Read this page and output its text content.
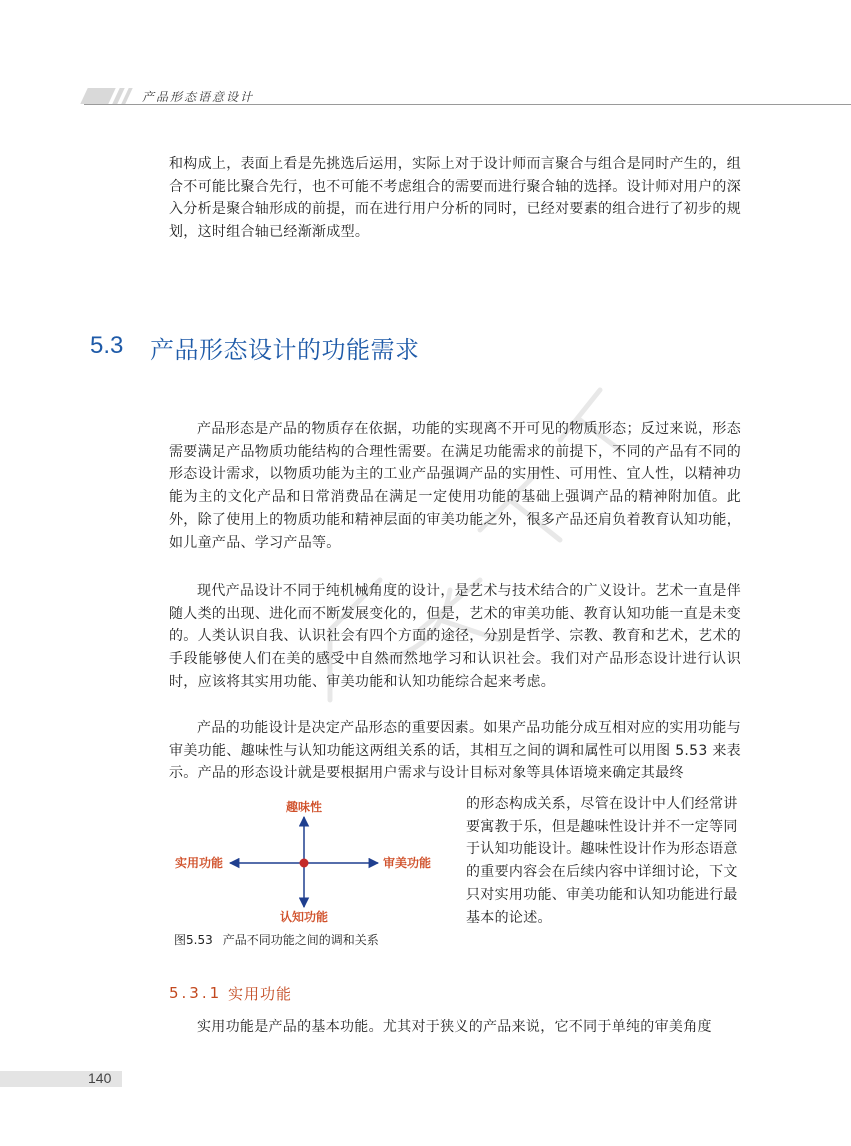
产品形态语意设计
和构成上，表面上看是先挑选后运用，实际上对于设计师而言聚合与组合是同时产生的，组合不可能比聚合先行，也不可能不考虑组合的需要而进行聚合轴的选择。设计师对用户的深入分析是聚合轴形成的前提，而在进行用户分析的同时，已经对要素的组合进行了初步的规划，这时组合轴已经渐渐成型。
5.3 产品形态设计的功能需求
产品形态是产品的物质存在依据，功能的实现离不开可见的物质形态；反过来说，形态需要满足产品物质功能结构的合理性需要。在满足功能需求的前提下，不同的产品有不同的形态设计需求，以物质功能为主的工业产品强调产品的实用性、可用性、宜人性，以精神功能为主的文化产品和日常消费品在满足一定使用功能的基础上强调产品的精神附加值。此外，除了使用上的物质功能和精神层面的审美功能之外，很多产品还肩负着教育认知功能，如儿童产品、学习产品等。
现代产品设计不同于纯机械角度的设计，是艺术与技术结合的广义设计。艺术一直是伴随人类的出现、进化而不断发展变化的，但是，艺术的审美功能、教育认知功能一直是未变的。人类认识自我、认识社会有四个方面的途径，分别是哲学、宗教、教育和艺术，艺术的手段能够使人们在美的感受中自然而然地学习和认识社会。我们对产品形态设计进行认识时，应该将其实用功能、审美功能和认知功能综合起来考虑。
产品的功能设计是决定产品形态的重要因素。如果产品功能分成互相对应的实用功能与审美功能、趣味性与认知功能这两组关系的话，其相互之间的调和属性可以用图 5.53 来表示。产品的形态设计就是要根据用户需求与设计目标对象等具体语境来确定其最终
趣味性
实用功能	审美功能
认知功能
图5.53 产品不同功能之间的调和关系
的形态构成关系，尽管在设计中人们经常讲要寓教于乐，但是趣味性设计并不一定等同于认知功能设计。趣味性设计作为形态语意的重要内容会在后续内容中详细讨论，下文只对实用功能、审美功能和认知功能进行最基本的论述。
5.3.1 实用功能
实用功能是产品的基本功能。尤其对于狭义的产品来说，它不同于单纯的审美角度
140
